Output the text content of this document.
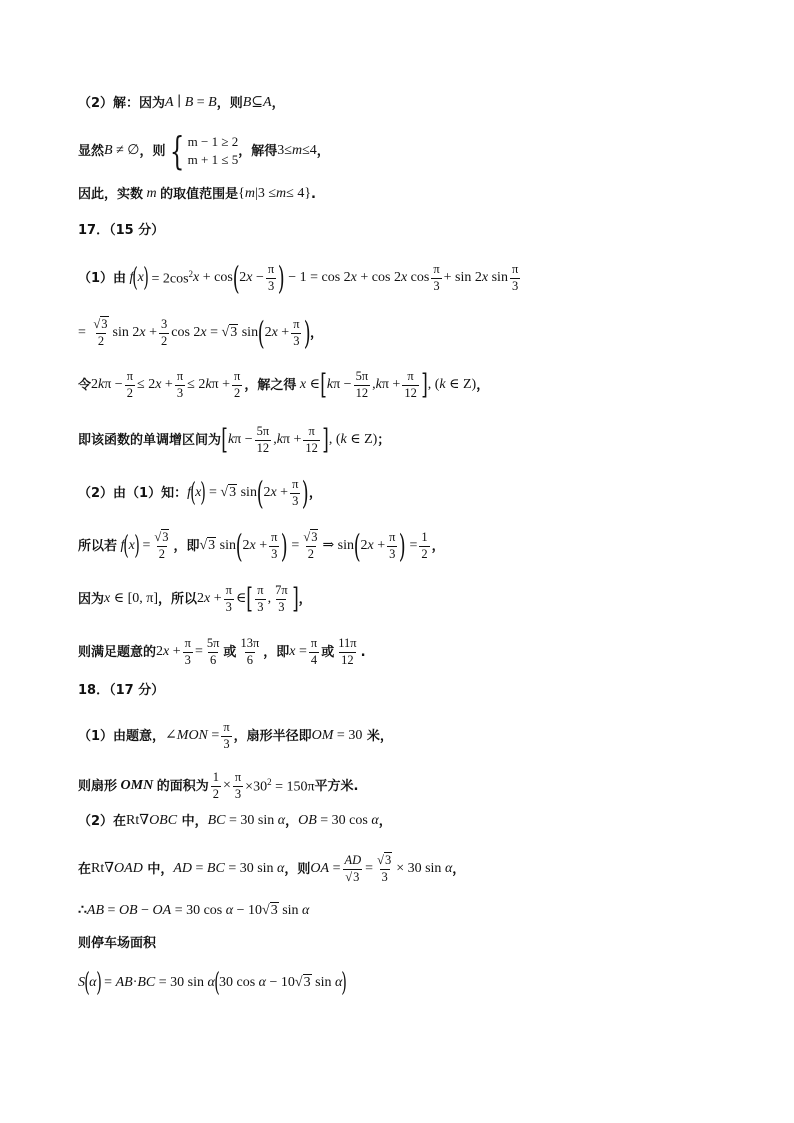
（2）解：因为 A ∣ B = B ，则 B ⊆ A ，
显然 B ≠ ∅ ，则 { m − 1 ≥ 2
m + 1 ≤ 5
，解得 3 ≤ m ≤4 ，
因此，实数 m 的取值范围是 { m |3 ≤ m ≤ 4} .
17．（15 分）
（1）由 f ( x ) = $2\cos^2$ x + cos ( 2 $x - \frac{\pi}{3}$ ) − 1 = cos 2 x + cos 2 x $\cos \frac{\pi}{3} + \sin 2$ x $\sin \frac{\pi}{3}$
= $\frac{√3}{2}$ sin 2 $x + \frac{3}{2}$ cos 2 x = √3 sin ( 2 $x + \frac{\pi}{3}$ ) ，
令 2 k $\pi - \frac{\pi}{2} \le 2$ $x + \frac{\pi}{3} \le 2$ k $\pi + \frac{\pi}{2}$ ，解之得 x ∈ [ k $\pi - \frac{5\pi}{12}$ , k $\pi + \frac{\pi}{12}$ ] , ( k ∈ Z) ，
即该函数的单调增区间为 [ k $\pi - \frac{5\pi}{12}$ , k $\pi + \frac{\pi}{12}$ ] , ( k ∈ Z) ；
（2）由（1）知： f ( x ) = √3 sin ( 2 $x + \frac{\pi}{3}$ ) ，
所以若 f ( x ) = $\frac{√3}{2}$ ，即 √3 sin ( 2 $x + \frac{\pi}{3}$ ) = $\frac{√3}{2}$ ⇒ sin ( 2 $x + \frac{\pi}{3}$ ) = $\frac{1}{2}$ ，
因为 x ∈ [0, π] ，所以 2 $x + \frac{\pi}{3}$ ∈ [ $\frac{\pi}{3}$ , $\frac{7\pi}{3}$ ] ，
则满足题意的 2 $x + \frac{\pi}{3} = \frac{5\pi}{6}$ 或 $\frac{13\pi}{6}$ ，即 $x = \frac{\pi}{4}$ 或 $\frac{11\pi}{12}$ .
18．（17 分）
（1）由题意， ∠ MON = $\frac{\pi}{3}$ ，扇形半径即 OM = 30 米，
则扇形 OMN 的面积为 $\frac{1}{2} \times \frac{\pi}{3} \times 30^2 = 150\pi$ 平方米.
（2）在 Rt∇ OBC 中， BC = 30 sin α ， OB = 30 cos α ，
在 Rt∇ OAD 中， AD = BC = 30 sin α ，则 OA = $\frac{AD}{√3} = \frac{√3}{3} \times 30$ sin α ，
∴ AB = OB − OA = 30 cos α − 10√3 sin α
则停车场面积
S ( α ) = AB · BC = 30 sin α ( 30 cos α − 10√3 sin α )
